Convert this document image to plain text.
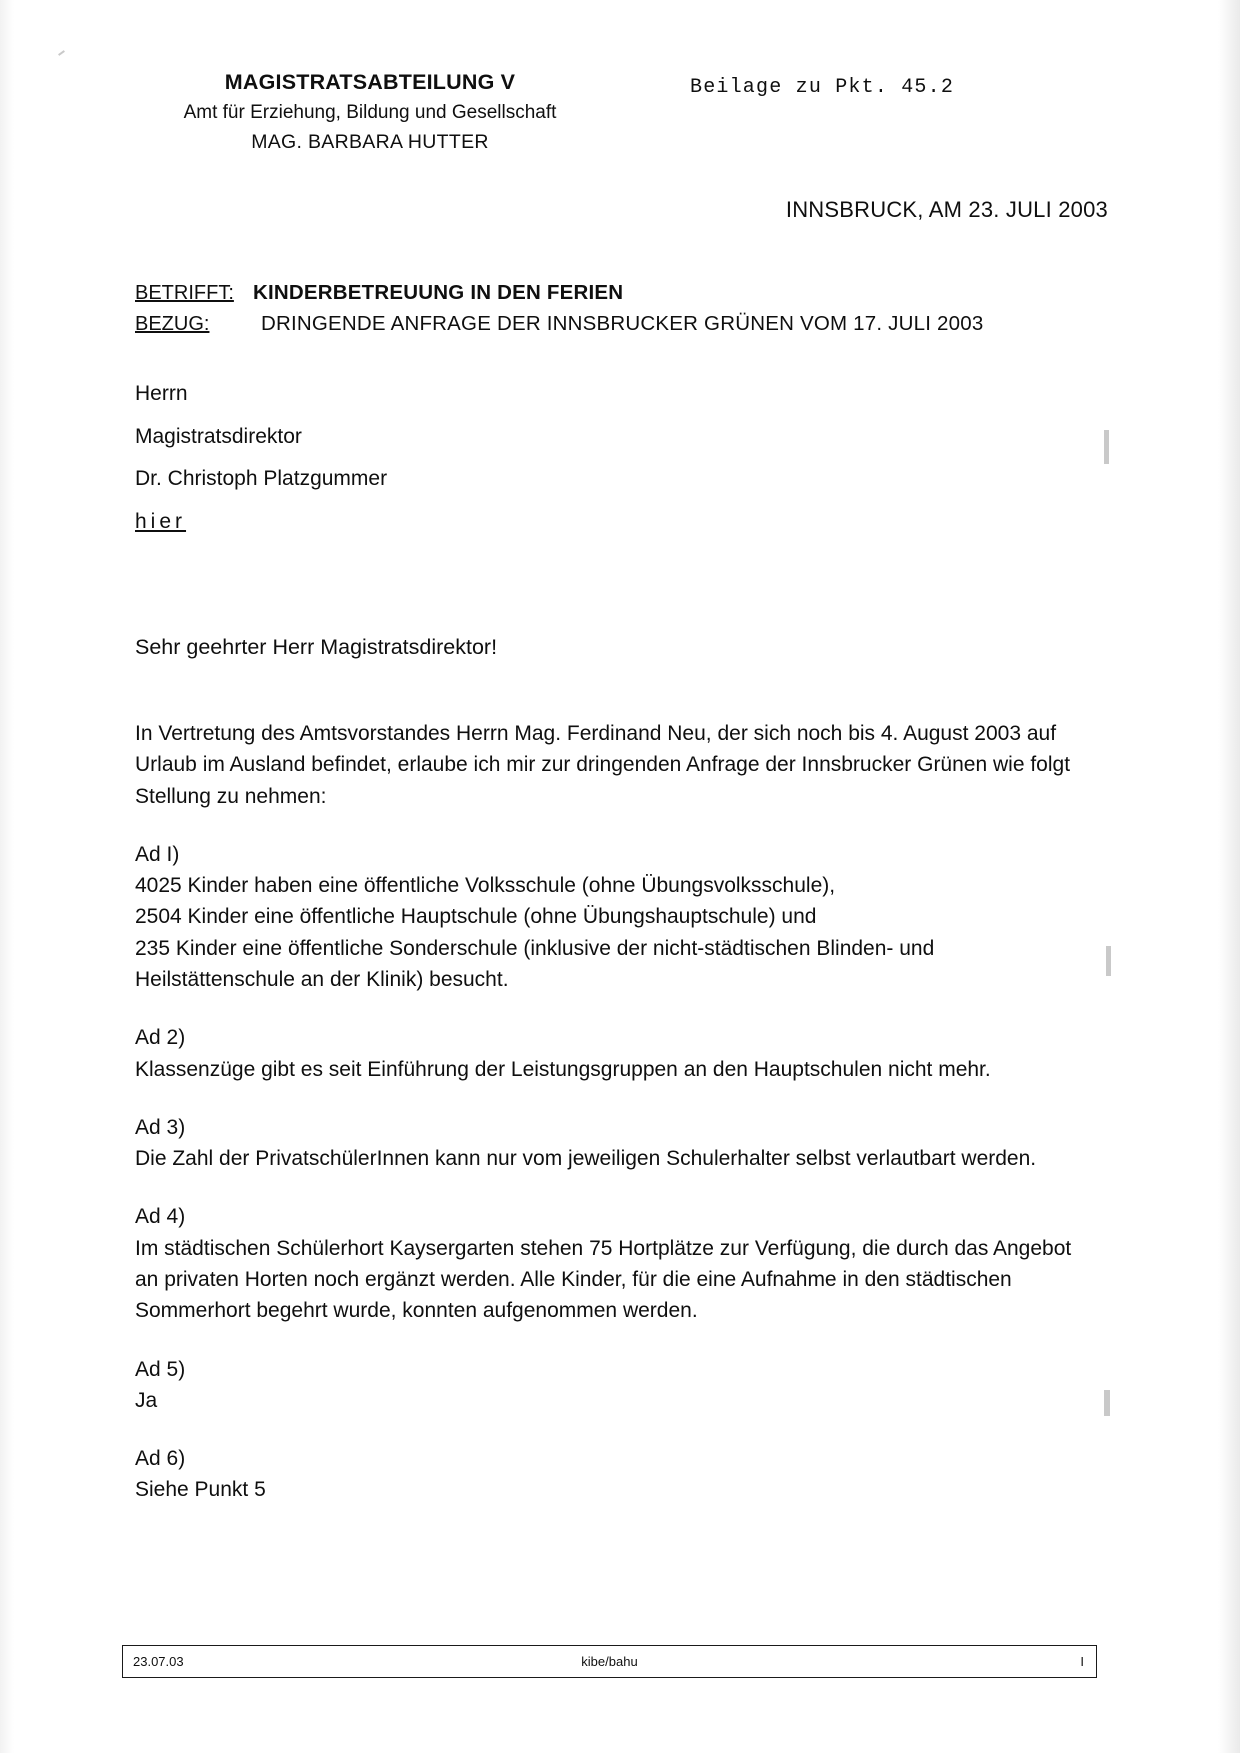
MAGISTRATSABTEILUNG V
Amt für Erziehung, Bildung und Gesellschaft
MAG. BARBARA HUTTER
Beilage zu Pkt. 45.2
INNSBRUCK, AM 23. JULI 2003
BETRIFFT: KINDERBETREUUNG IN DEN FERIEN
BEZUG:	DRINGENDE ANFRAGE DER INNSBRUCKER GRÜNEN VOM 17. JULI 2003
Herrn
Magistratsdirektor
Dr. Christoph Platzgummer
hier
Sehr geehrter Herr Magistratsdirektor!

In Vertretung des Amtsvorstandes Herrn Mag. Ferdinand Neu, der sich noch bis 4. August 2003 auf Urlaub im Ausland befindet, erlaube ich mir zur dringenden Anfrage der Innsbrucker Grünen wie folgt Stellung zu nehmen:

Ad I)

4025 Kinder haben eine öffentliche Volksschule (ohne Übungsvolksschule),

2504 Kinder eine öffentliche Hauptschule (ohne Übungshauptschule) und

235 Kinder eine öffentliche Sonderschule (inklusive der nicht-städtischen Blinden- und Heilstättenschule an der Klinik) besucht.

Ad 2)

Klassenzüge gibt es seit Einführung der Leistungsgruppen an den Hauptschulen nicht mehr.

Ad 3)

Die Zahl der PrivatschülerInnen kann nur vom jeweiligen Schulerhalter selbst verlautbart werden.

Ad 4)

Im städtischen Schülerhort Kaysergarten stehen 75 Hortplätze zur Verfügung, die durch das Angebot an privaten Horten noch ergänzt werden. Alle Kinder, für die eine Aufnahme in den städtischen Sommerhort begehrt wurde, konnten aufgenommen werden.

Ad 5)

Ja

Ad 6)

Siehe Punkt 5

23.07.03	kibe/bahu	I
